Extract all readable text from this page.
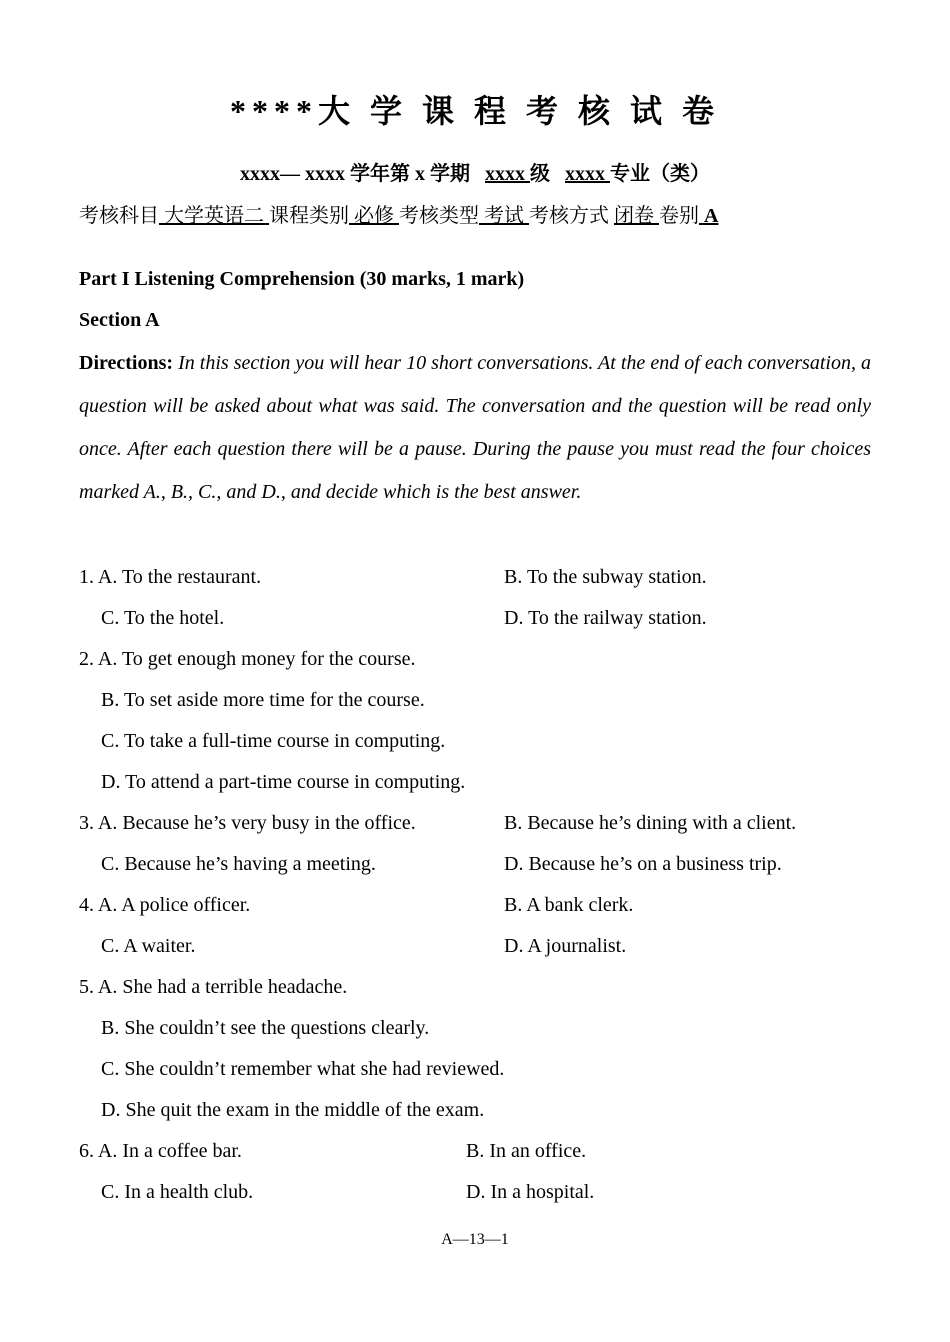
****大 学 课 程 考 核 试 卷
xxxx— xxxx 学年第 x 学期 xxxx 级 xxxx 专业（类）
考核科目 大学英语二 课程类别 必修 考核类型 考试 考核方式 闭卷 卷别 A
Part I Listening Comprehension (30 marks, 1 mark)
Section A
Directions: In this section you will hear 10 short conversations. At the end of each conversation, a question will be asked about what was said. The conversation and the question will be read only once. After each question there will be a pause. During the pause you must read the four choices marked A., B., C., and D., and decide which is the best answer.
1. A. To the restaurant.	B. To the subway station.
C. To the hotel.	D. To the railway station.
2. A. To get enough money for the course.
B. To set aside more time for the course.
C. To take a full-time course in computing.
D. To attend a part-time course in computing.
3. A. Because he’s very busy in the office.	B. Because he’s dining with a client.
C. Because he’s having a meeting.	D. Because he’s on a business trip.
4. A. A police officer.	B. A bank clerk.
C. A waiter.	D. A journalist.
5. A. She had a terrible headache.
B. She couldn’t see the questions clearly.
C. She couldn’t remember what she had reviewed.
D. She quit the exam in the middle of the exam.
6. A. In a coffee bar.	B. In an office.
C. In a health club.	D. In a hospital.
A—13—1
